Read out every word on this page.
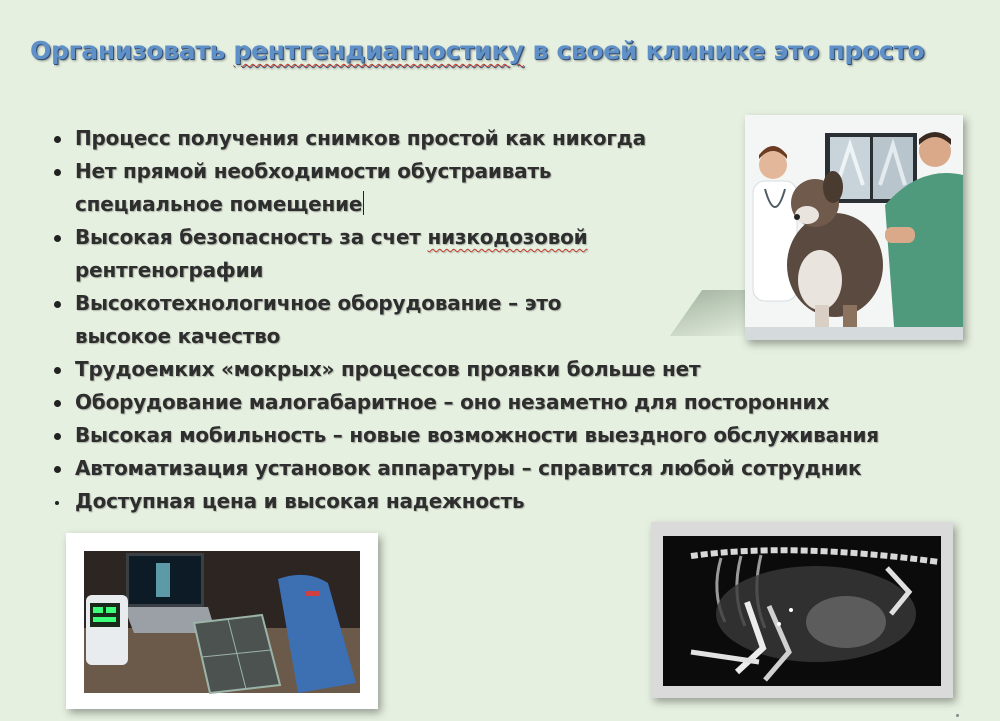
Организовать рентгендиагностику в своей клинике это просто
Процесс получения снимков простой как никогда
Нет прямой необходимости обустраивать
специальное помещение
Высокая безопасность за счет низкодозовой
рентгенографии
Высокотехнологичное оборудование – это
высокое качество
Трудоемких «мокрых» процессов проявки больше нет
Оборудование малогабаритное – оно незаметно для посторонних
Высокая мобильность – новые возможности выездного обслуживания
Автоматизация установок аппаратуры – справится любой сотрудник
Доступная цена и высокая надежность
